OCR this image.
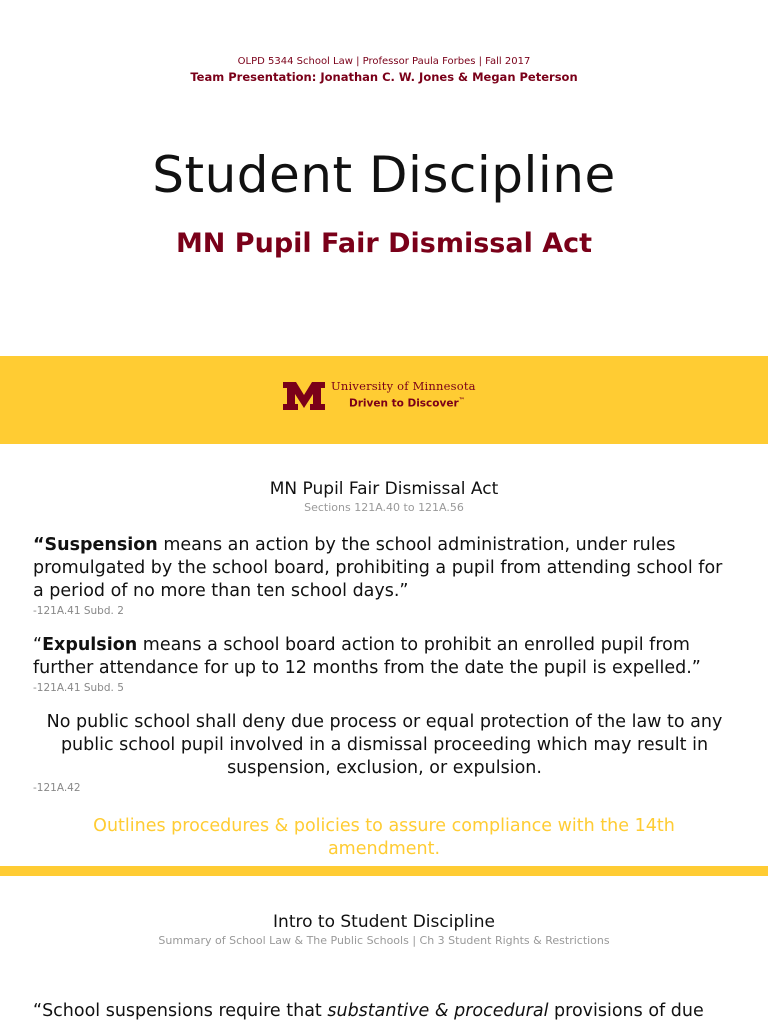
OLPD 5344 School Law | Professor Paula Forbes | Fall 2017
Team Presentation: Jonathan C. W. Jones & Megan Peterson
Student Discipline
MN Pupil Fair Dismissal Act
University of Minnesota
Driven to Discover™
MN Pupil Fair Dismissal Act
Sections 121A.40 to 121A.56

“Suspension means an action by the school administration, under rules promulgated by the school board, prohibiting a pupil from attending school for a period of no more than ten school days.”

-121A.41 Subd. 2

“Expulsion means a school board action to prohibit an enrolled pupil from further attendance for up to 12 months from the date the pupil is expelled.”

-121A.41 Subd. 5

No public school shall deny due process or equal protection of the law to any public school pupil involved in a dismissal proceeding which may result in suspension, exclusion, or expulsion.

-121A.42

Outlines procedures & policies to assure compliance with the 14th amendment.

Intro to Student Discipline
Summary of School Law & The Public Schools | Ch 3 Student Rights & Restrictions

“School suspensions require that substantive & procedural provisions of due
